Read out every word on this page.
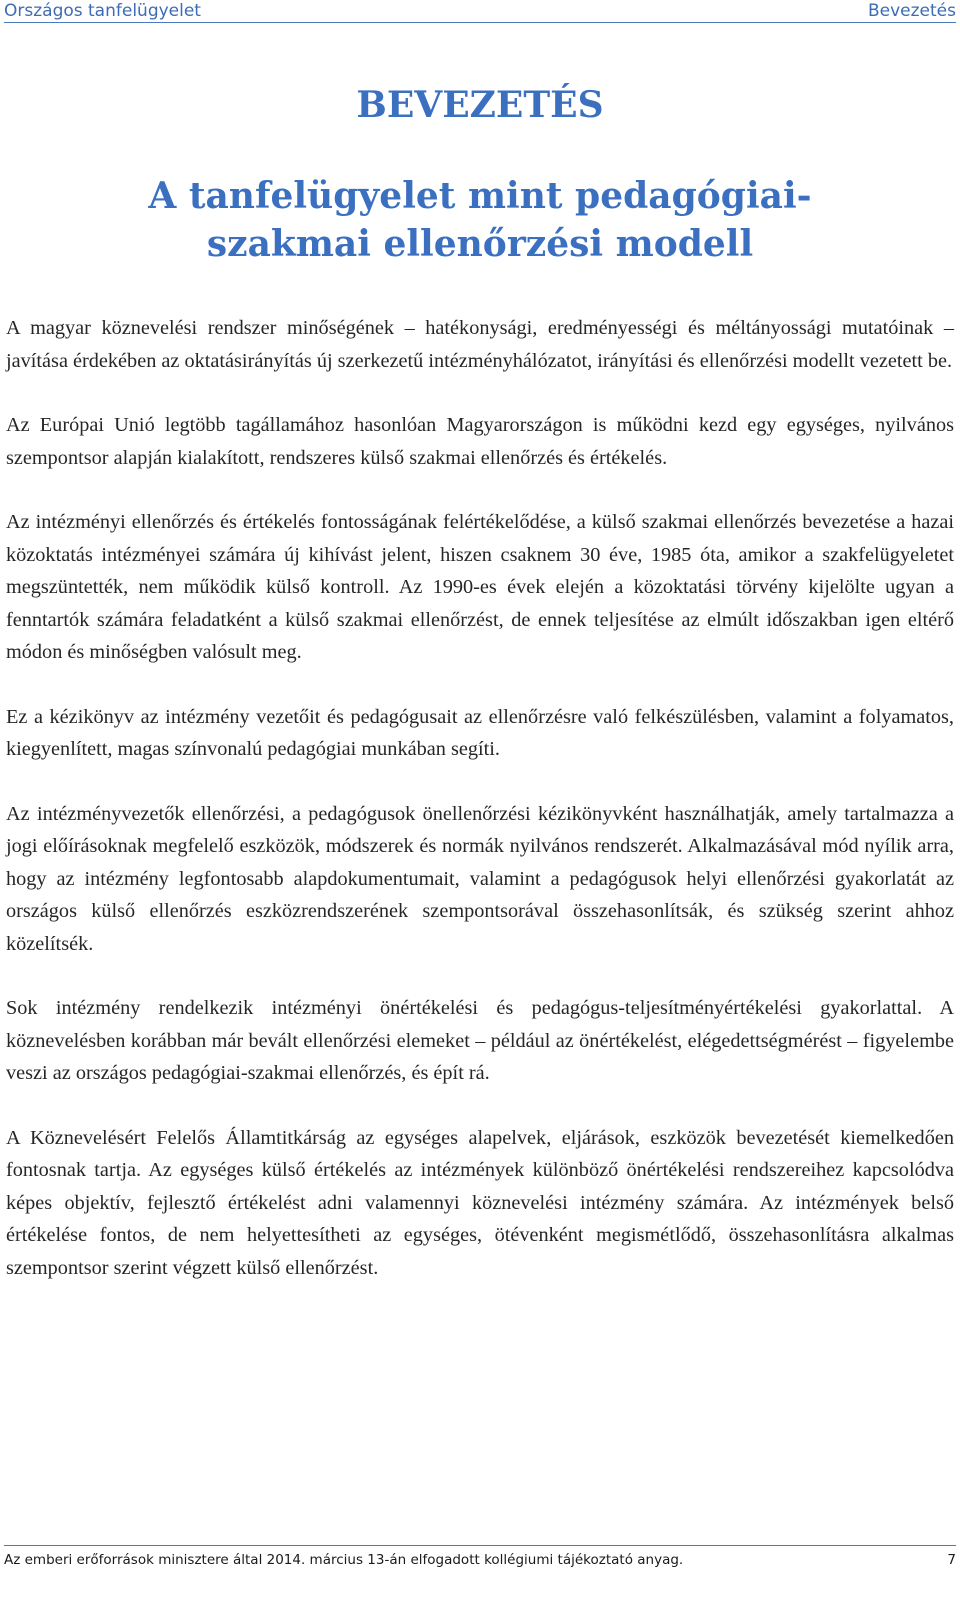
Országos tanfelügyelet	Bevezetés
BEVEZETÉS
A tanfelügyelet mint pedagógiai-szakmai ellenőrzési modell

A magyar köznevelési rendszer minőségének – hatékonysági, eredményességi és méltányossági mutatóinak – javítása érdekében az oktatásirányítás új szerkezetű intézményhálózatot, irányítási és ellenőrzési modellt vezetett be.

Az Európai Unió legtöbb tagállamához hasonlóan Magyarországon is működni kezd egy egységes, nyilvános szempontsor alapján kialakított, rendszeres külső szakmai ellenőrzés és értékelés.

Az intézményi ellenőrzés és értékelés fontosságának felértékelődése, a külső szakmai ellenőrzés bevezetése a hazai közoktatás intézményei számára új kihívást jelent, hiszen csaknem 30 éve, 1985 óta, amikor a szakfelügyeletet megszüntették, nem működik külső kontroll. Az 1990-es évek elején a közoktatási törvény kijelölte ugyan a fenntartók számára feladatként a külső szakmai ellenőrzést, de ennek teljesítése az elmúlt időszakban igen eltérő módon és minőségben valósult meg.

Ez a kézikönyv az intézmény vezetőit és pedagógusait az ellenőrzésre való felkészülésben, valamint a folyamatos, kiegyenlített, magas színvonalú pedagógiai munkában segíti.

Az intézményvezetők ellenőrzési, a pedagógusok önellenőrzési kézikönyvként használhatják, amely tartalmazza a jogi előírásoknak megfelelő eszközök, módszerek és normák nyilvános rendszerét. Alkalmazásával mód nyílik arra, hogy az intézmény legfontosabb alapdokumentumait, valamint a pedagógusok helyi ellenőrzési gyakorlatát az országos külső ellenőrzés eszközrendszerének szempontsorával összehasonlítsák, és szükség szerint ahhoz közelítsék.

Sok intézmény rendelkezik intézményi önértékelési és pedagógus-teljesítményértékelési gyakorlattal. A köznevelésben korábban már bevált ellenőrzési elemeket – például az önértékelést, elégedettségmérést – figyelembe veszi az országos pedagógiai-szakmai ellenőrzés, és épít rá.

A Köznevelésért Felelős Államtitkárság az egységes alapelvek, eljárások, eszközök bevezetését kiemelkedően fontosnak tartja. Az egységes külső értékelés az intézmények különböző önértékelési rendszereihez kapcsolódva képes objektív, fejlesztő értékelést adni valamennyi köznevelési intézmény számára. Az intézmények belső értékelése fontos, de nem helyettesítheti az egységes, ötévenként megismétlődő, összehasonlításra alkalmas szempontsor szerint végzett külső ellenőrzést.

Az emberi erőforrások minisztere által 2014. március 13-án elfogadott kollégiumi tájékoztató anyag.	7
